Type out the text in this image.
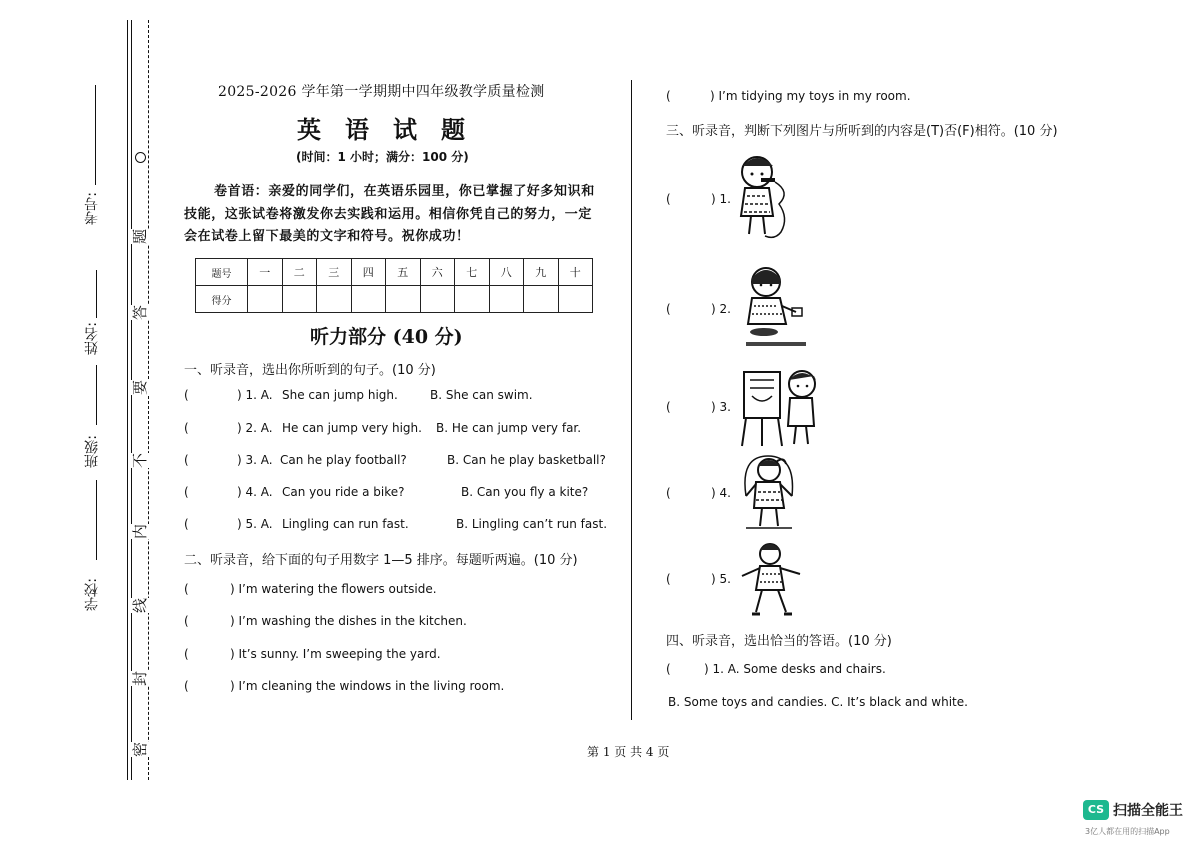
考号:
姓名:
班级:
学校:
题
答
要
不
内
线
封
密
2025-2026 学年第一学期期中四年级教学质量检测
英　语　试　题
(时间：1 小时；满分：100 分)
卷首语：亲爱的同学们，在英语乐园里，你已掌握了好多知识和
技能，这张试卷将激发你去实践和运用。相信你凭自己的努力，一定
会在试卷上留下最美的文字和符号。祝你成功！
题号	一	二	三	四	五	六	七	八	九	十
得分										
听力部分 (40 分)
一、听录音，选出你所听到的句子。(10 分)
(	) 1. A. She can jump high.	B. She can swim.
(	) 2. A. He can jump very high. B. He can jump very far.
(	) 3. A. Can he play football?	B. Can he play basketball?
(	) 4. A. Can you ride a bike?	B. Can you fly a kite?
(	) 5. A. Lingling can run fast.	B. Lingling can’t run fast.
二、听录音，给下面的句子用数字 1—5 排序。每题听两遍。(10 分)
(	) I’m watering the flowers outside.
(	) I’m washing the dishes in the kitchen.
(	) It’s sunny. I’m sweeping the yard.
(	) I’m cleaning the windows in the living room.
(	) I’m tidying my toys in my room.
三、听录音，判断下列图片与所听到的内容是(T)否(F)相符。(10 分)
(	) 1.
(	) 2.
(	) 3.
(	) 4.
(	) 5.
四、听录音，选出恰当的答语。(10 分)
(	) 1. A. Some desks and chairs.
B. Some toys and candies. C. It’s black and white.
第 1 页 共 4 页
CS 扫描全能王
3亿人都在用的扫描App
